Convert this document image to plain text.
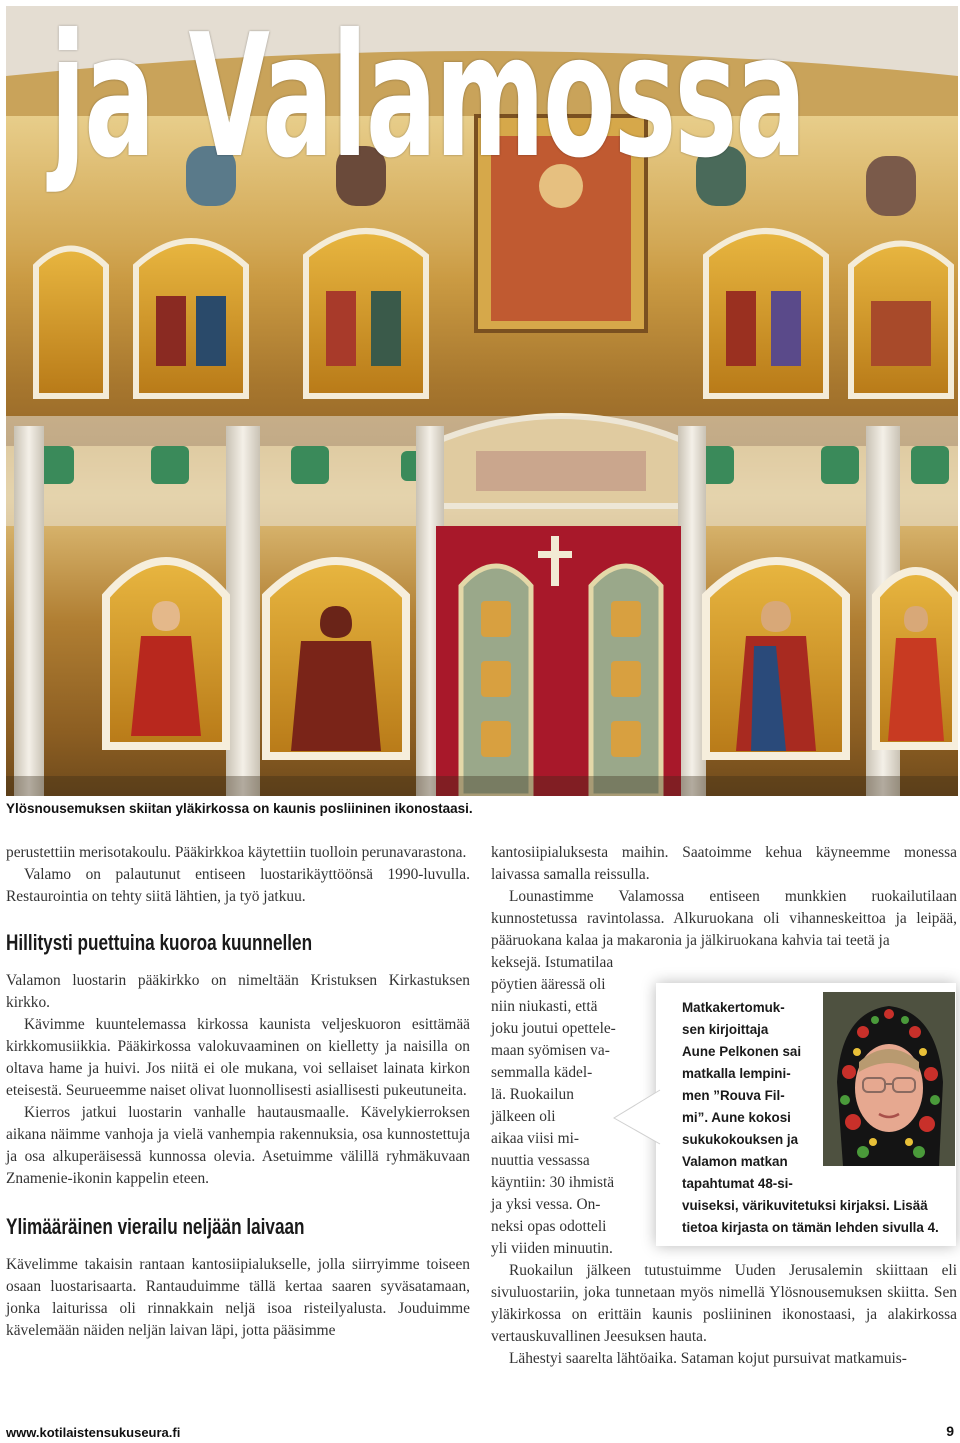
ja Valamossa
Ylösnousemuksen skiitan yläkirkossa on kaunis posliininen ikonostaasi.

perustettiin merisotakoulu. Pääkirkkoa käytettiin tuolloin perunavarastona.

Valamo on palautunut entiseen luostarikäyttöönsä 1990-luvulla. Restaurointia on tehty siitä lähtien, ja työ jatkuu.

Hillitysti puettuina kuoroa kuunnellen

Valamon luostarin pääkirkko on nimeltään Kristuksen Kirkastuksen kirkko.

Kävimme kuuntelemassa kirkossa kaunista veljeskuoron esittämää kirkkomusiikkia. Pääkirkossa valokuvaaminen on kielletty ja naisilla on oltava hame ja huivi. Jos niitä ei ole mukana, voi sellaiset lainata kirkon eteisestä. Seurueemme naiset olivat luonnollisesti asiallisesti pukeutuneita.

Kierros jatkui luostarin vanhalle hautausmaalle. Kävelykierroksen aikana näimme vanhoja ja vielä vanhempia rakennuksia, osa kunnostettuja ja osa alkuperäisessä kunnossa olevia. Asetuimme välillä ryhmäkuvaan Znamenie-ikonin kappelin eteen.

Ylimääräinen vierailu neljään laivaan

Kävelimme takaisin rantaan kantosiipialukselle, jolla siirryimme toiseen osaan luostarisaarta. Rantauduimme tällä kertaa saaren syväsatamaan, jonka laiturissa oli rinnakkain neljä isoa risteilyalusta. Jouduimme kävelemään näiden neljän laivan läpi, jotta pääsimme

kantosiipialuksesta maihin. Saatoimme kehua käyneemme monessa laivassa samalla reissulla.

Lounastimme Valamossa entiseen munkkien ruokailutilaan kunnostetussa ravintolassa. Alkuruokana oli vihanneskeittoa ja leipää, pääruokana kalaa ja makaronia ja jälkiruokana kahvia tai teetä ja

keksejä. Istumatilaa
pöytien ääressä oli
niin niukasti, että
joku joutui opettele-
maan syömisen va-
semmalla kädel-
lä. Ruokailun
jälkeen oli
aikaa viisi mi-
nuuttia vessassa
käyntiin: 30 ihmistä
ja yksi vessa. On-
neksi opas odotteli
yli viiden minuutin.

Ruokailun jälkeen tutustuimme Uuden Jerusalemin skiittaan eli sivuluostariin, joka tunnetaan myös nimellä Ylösnousemuksen skiitta. Sen yläkirkossa on erittäin kaunis posliininen ikonostaasi, ja alakirkossa vertauskuvallinen Jeesuksen hauta.

Lähestyi saarelta lähtöaika. Sataman kojut pursuivat matkamuis-

Matkakertomuk-
sen kirjoittaja
Aune Pelkonen sai
matkalla lempini-
men ”Rouva Fil-
mi”. Aune kokosi
sukukokouksen ja
Valamon matkan
tapahtumat 48-si-
vuiseksi, värikuvitetuksi kirjaksi. Lisää
tietoa kirjasta on tämän lehden sivulla 4.
www.kotilaistensukuseura.fi	9
